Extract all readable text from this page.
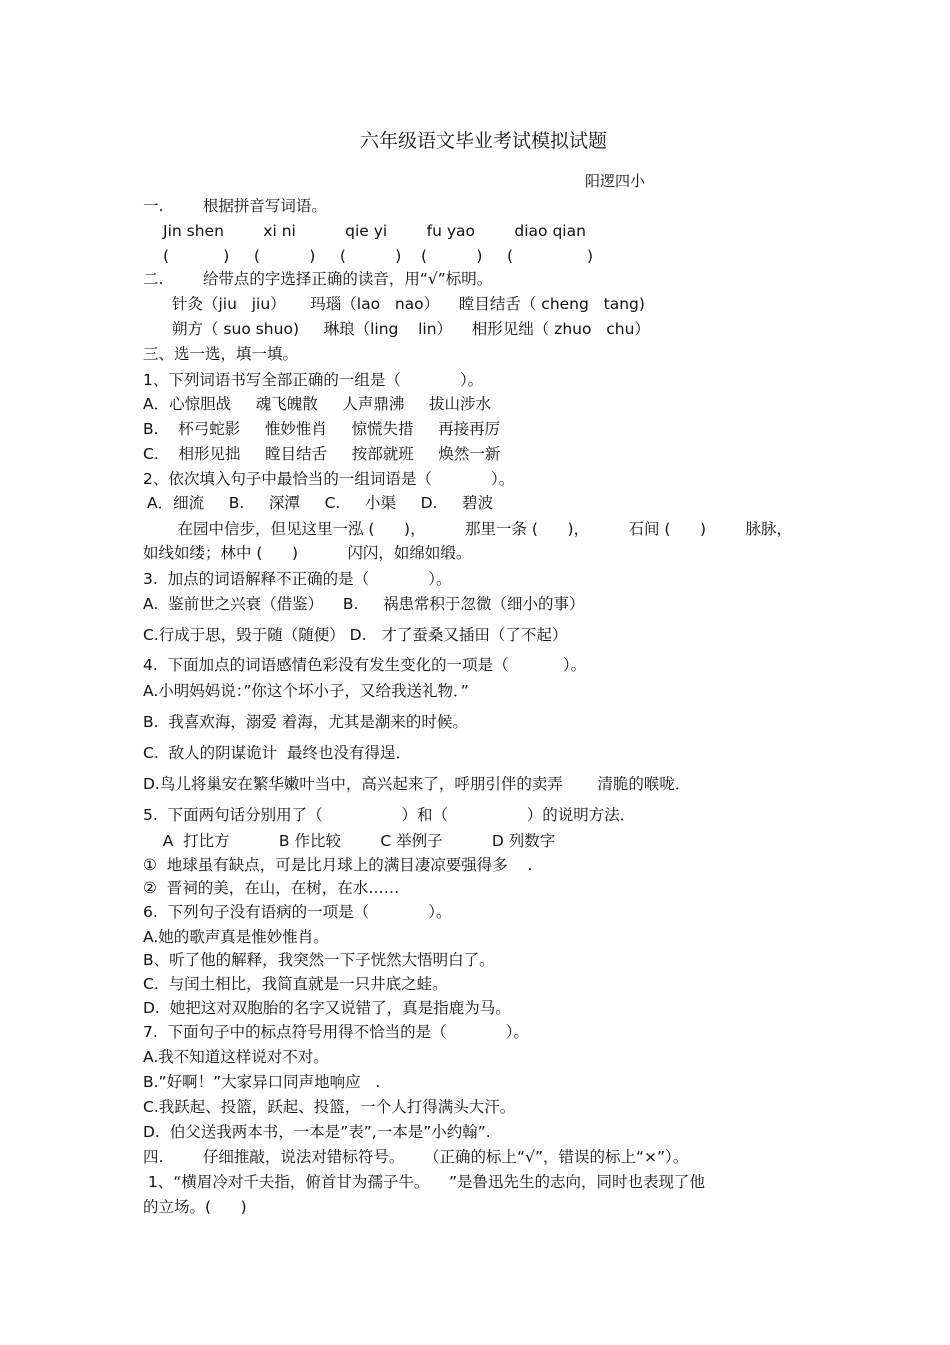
六年级语文毕业考试模拟试题
阳逻四小
一.        根据拼音写词语。
Jin shen        xi ni          qie yi        fu yao        diao qian
(           )     (          )     (          )    (          )     (               )
二.        给带点的字选择正确的读音，用“√”标明。
针灸（jiu   jiu）     玛瑙（lao   nao）    瞠目结舌（ cheng   tang)
朔方（ suo shuo)     琳琅（ling    lin）    相形见绌（ zhuo   chu）
三、选一选，填一填。
1、下列词语书写全部正确的一组是（            ）。
A．心惊胆战     魂飞魄散     人声鼎沸     拔山涉水
B.    杯弓蛇影     惟妙惟肖     惊慌失措     再接再厉
C.    相形见拙     瞠目结舌     按部就班     焕然一新
2、依次填入句子中最恰当的一组词语是（            ）。
A．细流     B.     深潭     C.     小渠     D.     碧波
在园中信步，但见这里一泓 (      )，        那里一条 (      )，        石间 (      )        脉脉，
如线如缕；林中 (      )          闪闪，如绵如缎。
3.  加点的词语解释不正确的是（            ）。
A.  鉴前世之兴衰（借鉴）    B.     祸患常积于忽微（细小的事）
C.行成于思，毁于随（随便） D.   才了蚕桑又插田（了不起）
4.  下面加点的词语感情色彩没有发生变化的一项是（           ）。
A.小明妈妈说：”你这个坏小子，又给我送礼物．”
B.  我喜欢海，溺爱 着海，尤其是潮来的时候。
C.  敌人的阴谋诡计  最终也没有得逞．
D.鸟儿将巢安在繁华嫩叶当中，高兴起来了，呼朋引伴的卖弄       清脆的喉咙．
5.  下面两句话分别用了（                ）和（                ）的说明方法．
A  打比方          B 作比较        C 举例子          D 列数字
①  地球虽有缺点，可是比月球上的满目凄凉要强得多    .
②  晋祠的美，在山，在树，在水……
6.  下列句子没有语病的一项是（            ）。
A.她的歌声真是惟妙惟肖。
B、听了他的解释，我突然一下子恍然大悟明白了。
C.  与闰土相比，我简直就是一只井底之蛙。
D.  她把这对双胞胎的名字又说错了，真是指鹿为马。
7.  下面句子中的标点符号用得不恰当的是（            ）。
A.我不知道这样说对不对。
B.”好啊！”大家异口同声地响应   .
C.我跃起、投篮，跃起、投篮，一个人打得满头大汗。
D.  伯父送我两本书，一本是”表”,一本是”小约翰”.
四.        仔细推敲，说法对错标符号。    （正确的标上“√”，错误的标上“×”）。
1、“横眉冷对千夫指，俯首甘为孺子牛。    ”是鲁迅先生的志向，同时也表现了他
的立场。(      )
